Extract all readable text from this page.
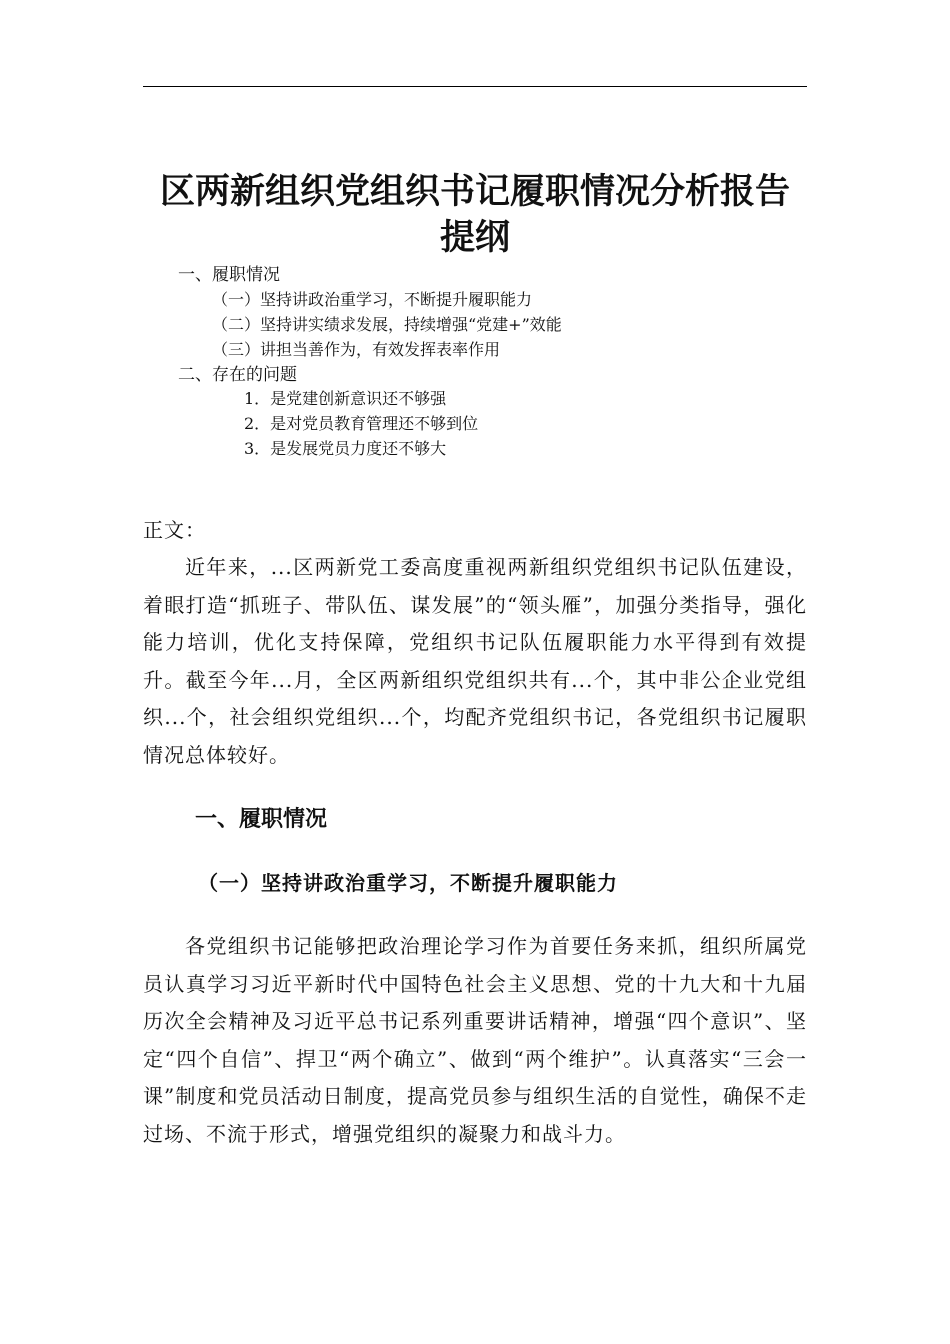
区两新组织党组织书记履职情况分析报告
提纲
一、履职情况
（一）坚持讲政治重学习，不断提升履职能力
（二）坚持讲实绩求发展，持续增强“党建+”效能
（三）讲担当善作为，有效发挥表率作用
二、存在的问题
1．是党建创新意识还不够强
2．是对党员教育管理还不够到位
3．是发展党员力度还不够大
正文：

近年来，...区两新党工委高度重视两新组织党组织书记队伍建设，着眼打造“抓班子、带队伍、谋发展”的“领头雁”，加强分类指导，强化能力培训，优化支持保障，党组织书记队伍履职能力水平得到有效提升。截至今年...月，全区两新组织党组织共有...个，其中非公企业党组织...个，社会组织党组织...个，均配齐党组织书记，各党组织书记履职情况总体较好。

一、履职情况
（一）坚持讲政治重学习，不断提升履职能力

各党组织书记能够把政治理论学习作为首要任务来抓，组织所属党员认真学习习近平新时代中国特色社会主义思想、党的十九大和十九届历次全会精神及习近平总书记系列重要讲话精神，增强“四个意识”、坚定“四个自信”、捍卫“两个确立”、做到“两个维护”。认真落实“三会一课”制度和党员活动日制度，提高党员参与组织生活的自觉性，确保不走过场、不流于形式，增强党组织的凝聚力和战斗力。
